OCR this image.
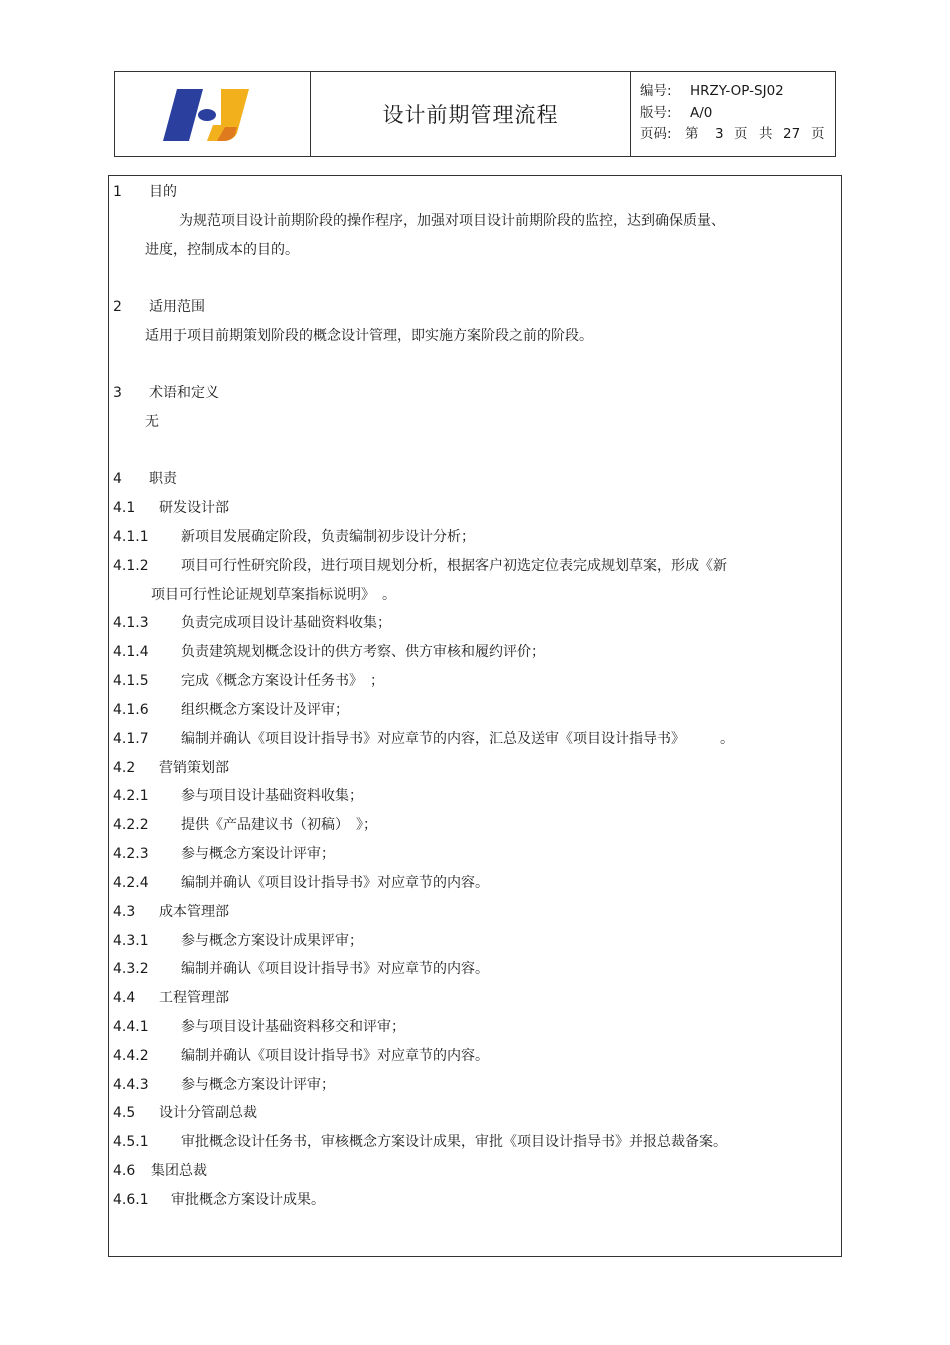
设计前期管理流程
编号:	HRZY-OP-SJ02
版号:	A/0
页码: 第	3 页 共 27 页
1 目的
为规范项目设计前期阶段的操作程序，加强对项目设计前期阶段的监控，达到确保质量、
进度，控制成本的目的。
2 适用范围
适用于项目前期策划阶段的概念设计管理，即实施方案阶段之前的阶段。
3 术语和定义
无
4 职责
4.1 研发设计部
4.1.1 新项目发展确定阶段，负责编制初步设计分析；
4.1.2 项目可行性研究阶段，进行项目规划分析，根据客户初选定位表完成规划草案，形成《新
项目可行性论证规划草案指标说明》　。
4.1.3 负责完成项目设计基础资料收集；
4.1.4 负责建筑规划概念设计的供方考察、供方审核和履约评价；
4.1.5 完成《概念方案设计任务书》　；
4.1.6 组织概念方案设计及评审；
4.1.7 编制并确认《项目设计指导书》对应章节的内容，汇总及送审《项目设计指导书》　　　。
4.2 营销策划部
4.2.1 参与项目设计基础资料收集；
4.2.2 提供《产品建议书（初稿）　》；
4.2.3 参与概念方案设计评审；
4.2.4 编制并确认《项目设计指导书》对应章节的内容。
4.3 成本管理部
4.3.1 参与概念方案设计成果评审；
4.3.2 编制并确认《项目设计指导书》对应章节的内容。
4.4 工程管理部
4.4.1 参与项目设计基础资料移交和评审；
4.4.2 编制并确认《项目设计指导书》对应章节的内容。
4.4.3 参与概念方案设计评审；
4.5 设计分管副总裁
4.5.1 审批概念设计任务书，审核概念方案设计成果，审批《项目设计指导书》并报总裁备案。
4.6 集团总裁
4.6.1 审批概念方案设计成果。
